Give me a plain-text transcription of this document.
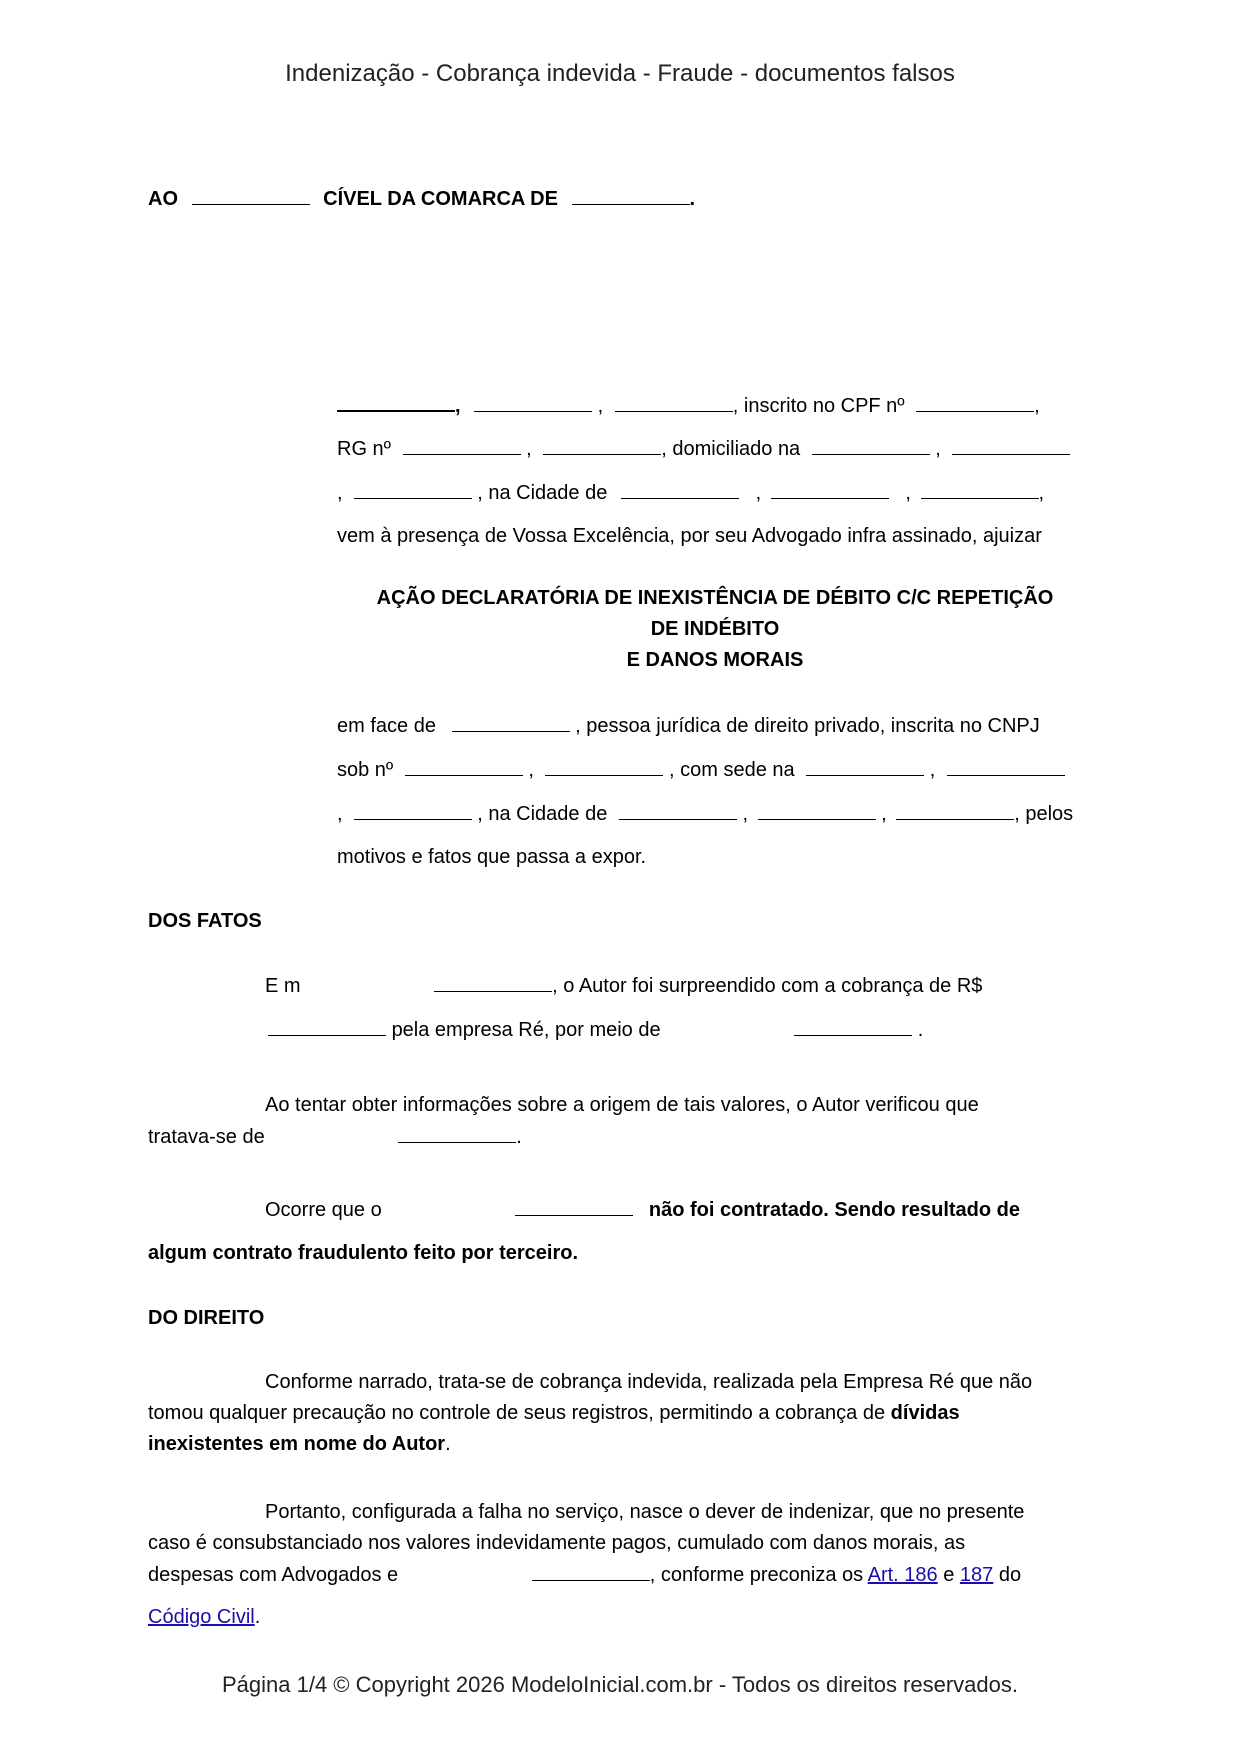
Indenização - Cobrança indevida - Fraude - documentos falsos
AO	CÍVEL DA COMARCA DE	.
,	,	, inscrito no CPF nº	,
RG nº	,	, domiciliado na	,
,	, na Cidade de	,	,	,
vem à presença de Vossa Excelência, por seu Advogado infra assinado, ajuizar
AÇÃO DECLARATÓRIA DE INEXISTÊNCIA DE DÉBITO C/C REPETIÇÃO
DE INDÉBITO
E DANOS MORAIS
em face de	, pessoa jurídica de direito privado, inscrita no CNPJ
sob nº	,	, com sede na	,
,	, na Cidade de	,	,	, pelos
motivos e fatos que passa a expor.
DOS FATOS
E m	, o Autor foi surpreendido com a cobrança de R$
pela empresa Ré, por meio de	.
Ao tentar obter informações sobre a origem de tais valores, o Autor verificou que
tratava-se de	.
Ocorre que o	não foi contratado. Sendo resultado de
algum contrato fraudulento feito por terceiro.
DO DIREITO
Conforme narrado, trata-se de cobrança indevida, realizada pela Empresa Ré que não
tomou qualquer precaução no controle de seus registros, permitindo a cobrança de dívidas
inexistentes em nome do Autor.
Portanto, configurada a falha no serviço, nasce o dever de indenizar, que no presente
caso é consubstanciado nos valores indevidamente pagos, cumulado com danos morais, as
despesas com Advogados e	, conforme preconiza os Art. 186 e 187 do
Código Civil.
Página 1/4 © Copyright 2026 ModeloInicial.com.br - Todos os direitos reservados.
